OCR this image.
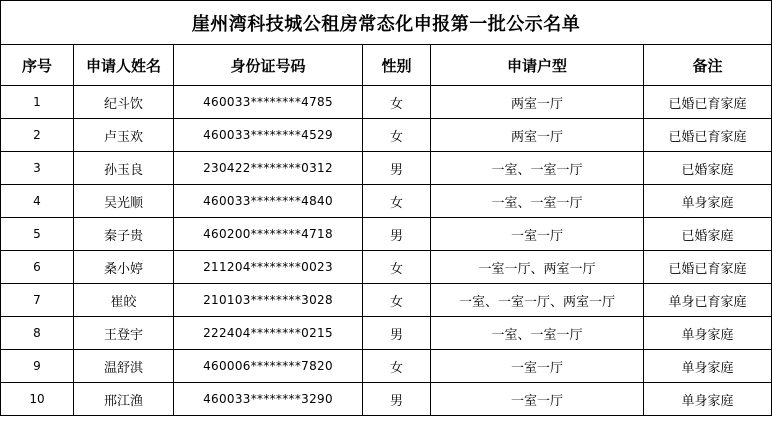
崖州湾科技城公租房常态化申报第一批公示名单					
序号	申请人姓名	身份证号码	性别	申请户型	备注
1	纪斗饮	460033********4785	女	两室一厅	已婚已育家庭
2	卢玉欢	460033********4529	女	两室一厅	已婚已育家庭
3	孙玉良	230422********0312	男	一室、一室一厅	已婚家庭
4	吴光顺	460033********4840	女	一室、一室一厅	单身家庭
5	秦子贵	460200********4718	男	一室一厅	已婚家庭
6	桑小婷	211204********0023	女	一室一厅、两室一厅	已婚已育家庭
7	崔皎	210103********3028	女	一室、一室一厅、两室一厅	单身已育家庭
8	王登宇	222404********0215	男	一室、一室一厅	单身家庭
9	温舒淇	460006********7820	女	一室一厅	单身家庭
10	邢江渔	460033********3290	男	一室一厅	单身家庭
